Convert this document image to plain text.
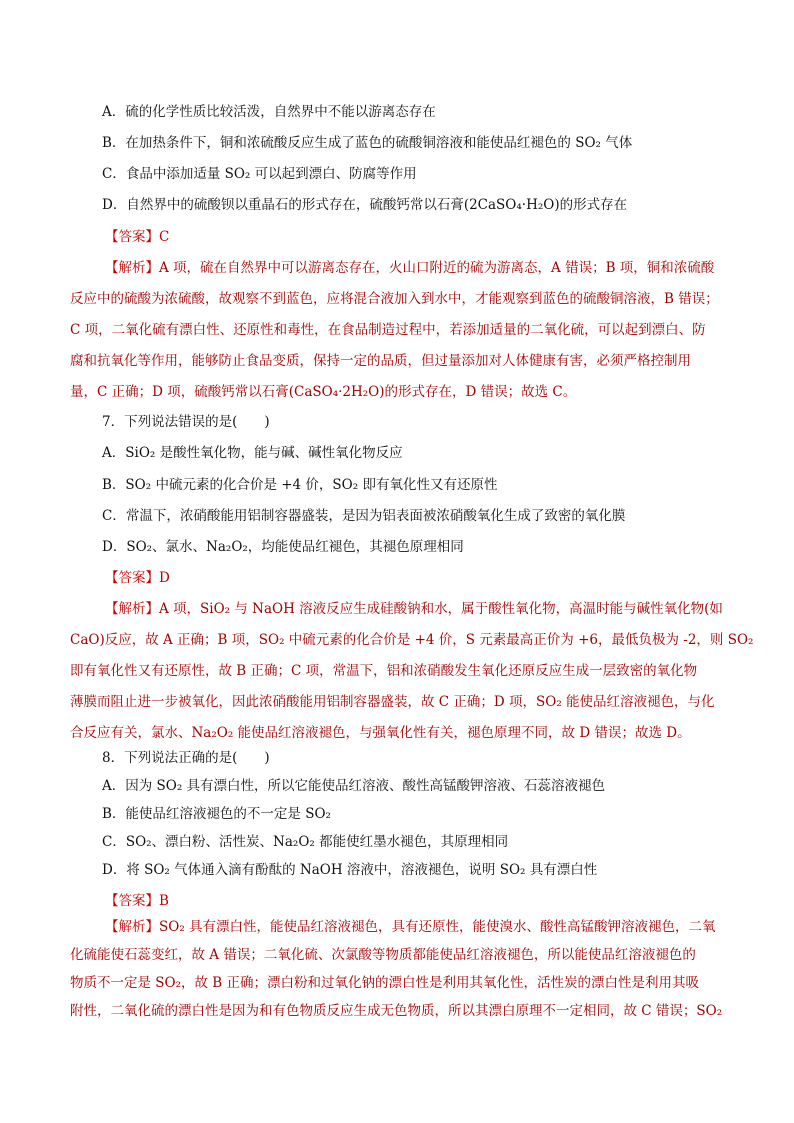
A．硫的化学性质比较活泼，自然界中不能以游离态存在
B．在加热条件下，铜和浓硫酸反应生成了蓝色的硫酸铜溶液和能使品红褪色的 SO₂ 气体
C．食品中添加适量 SO₂ 可以起到漂白、防腐等作用
D．自然界中的硫酸钡以重晶石的形式存在，硫酸钙常以石膏(2CaSO₄·H₂O)的形式存在
【答案】C
【解析】A 项，硫在自然界中可以游离态存在，火山口附近的硫为游离态，A 错误；B 项，铜和浓硫酸
反应中的硫酸为浓硫酸，故观察不到蓝色，应将混合液加入到水中，才能观察到蓝色的硫酸铜溶液，B 错误；
C 项，二氧化硫有漂白性、还原性和毒性，在食品制造过程中，若添加适量的二氧化硫，可以起到漂白、防
腐和抗氧化等作用，能够防止食品变质，保持一定的品质，但过量添加对人体健康有害，必须严格控制用
量，C 正确；D 项，硫酸钙常以石膏(CaSO₄·2H₂O)的形式存在，D 错误；故选 C。
7．下列说法错误的是(　　)
A．SiO₂ 是酸性氧化物，能与碱、碱性氧化物反应
B．SO₂ 中硫元素的化合价是 +4 价，SO₂ 即有氧化性又有还原性
C．常温下，浓硝酸能用铝制容器盛装，是因为铝表面被浓硝酸氧化生成了致密的氧化膜
D．SO₂、氯水、Na₂O₂，均能使品红褪色，其褪色原理相同
【答案】D
【解析】A 项，SiO₂ 与 NaOH 溶液反应生成硅酸钠和水，属于酸性氧化物，高温时能与碱性氧化物(如
CaO)反应，故 A 正确；B 项，SO₂ 中硫元素的化合价是 +4 价，S 元素最高正价为 +6，最低负极为 -2，则 SO₂
即有氧化性又有还原性，故 B 正确；C 项，常温下，铝和浓硝酸发生氧化还原反应生成一层致密的氧化物
薄膜而阻止进一步被氧化，因此浓硝酸能用铝制容器盛装，故 C 正确；D 项，SO₂ 能使品红溶液褪色，与化
合反应有关，氯水、Na₂O₂ 能使品红溶液褪色，与强氧化性有关，褪色原理不同，故 D 错误；故选 D。
8．下列说法正确的是(　　)
A．因为 SO₂ 具有漂白性，所以它能使品红溶液、酸性高锰酸钾溶液、石蕊溶液褪色
B．能使品红溶液褪色的不一定是 SO₂
C．SO₂、漂白粉、活性炭、Na₂O₂ 都能使红墨水褪色，其原理相同
D．将 SO₂ 气体通入滴有酚酞的 NaOH 溶液中，溶液褪色，说明 SO₂ 具有漂白性
【答案】B
【解析】SO₂ 具有漂白性，能使品红溶液褪色，具有还原性，能使溴水、酸性高锰酸钾溶液褪色，二氧
化硫能使石蕊变红，故 A 错误；二氧化硫、次氯酸等物质都能使品红溶液褪色，所以能使品红溶液褪色的
物质不一定是 SO₂，故 B 正确；漂白粉和过氧化钠的漂白性是利用其氧化性，活性炭的漂白性是利用其吸
附性，二氧化硫的漂白性是因为和有色物质反应生成无色物质，所以其漂白原理不一定相同，故 C 错误；SO₂
